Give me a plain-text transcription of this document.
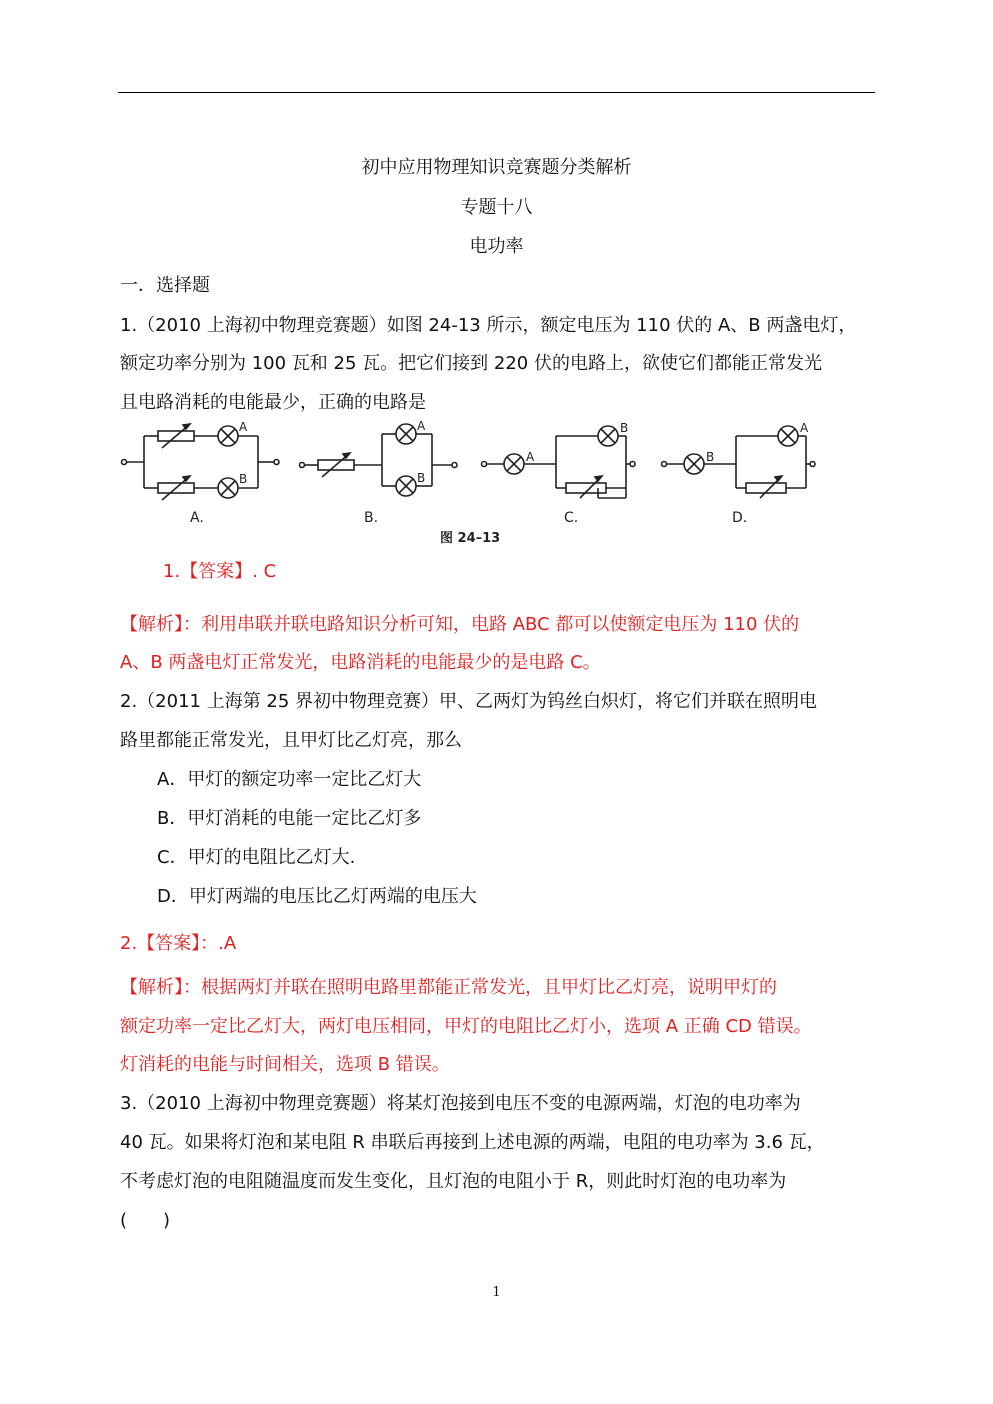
初中应用物理知识竞赛题分类解析
专题十八
电功率
一．选择题
1.（2010 上海初中物理竞赛题）如图 24-13 所示，额定电压为 110 伏的 A、B 两盏电灯，
额定功率分别为 100 瓦和 25 瓦。把它们接到 220 伏的电路上，欲使它们都能正常发光
且电路消耗的电能最少，正确的电路是
A
B
A
B
A
B
B
A
A.	B.	C.	D.
图 24–13
1.【答案】. C
【解析】：利用串联并联电路知识分析可知，电路 ABC 都可以使额定电压为 110 伏的
A、B 两盏电灯正常发光，电路消耗的电能最少的是电路 C。
2.（2011 上海第 25 界初中物理竞赛）甲、乙两灯为钨丝白炽灯，将它们并联在照明电
路里都能正常发光，且甲灯比乙灯亮，那么
A．甲灯的额定功率一定比乙灯大
B．甲灯消耗的电能一定比乙灯多
C．甲灯的电阻比乙灯大.
D．甲灯两端的电压比乙灯两端的电压大
2.【答案】：.A
【解析】：根据两灯并联在照明电路里都能正常发光，且甲灯比乙灯亮，说明甲灯的
额定功率一定比乙灯大，两灯电压相同，甲灯的电阻比乙灯小，选项 A 正确 CD 错误。
灯消耗的电能与时间相关，选项 B 错误。
3.（2010 上海初中物理竞赛题）将某灯泡接到电压不变的电源两端，灯泡的电功率为
40 瓦。如果将灯泡和某电阻 R 串联后再接到上述电源的两端，电阻的电功率为 3.6 瓦，
不考虑灯泡的电阻随温度而发生变化，且灯泡的电阻小于 R，则此时灯泡的电功率为
(　　)
1
